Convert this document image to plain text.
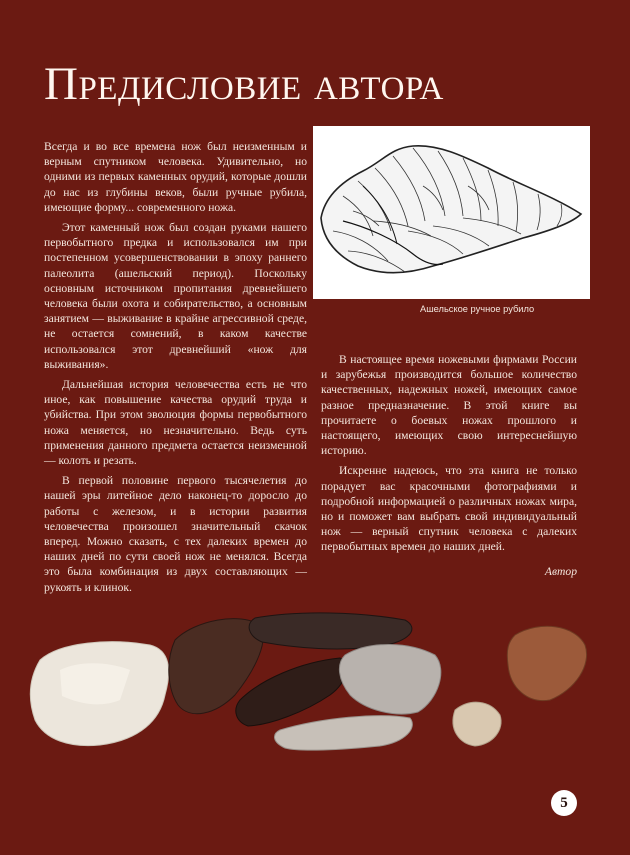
Предисловие автора

Всегда и во все времена нож был неизменным и верным спутником человека. Удивительно, но одними из первых каменных орудий, которые дошли до нас из глубины веков, были ручные рубила, имеющие форму... современного ножа.

Этот каменный нож был создан руками нашего первобытного предка и использовался им при постепенном усовершенствовании в эпоху раннего палеолита (ашельский период). Поскольку основным источником пропитания древнейшего человека были охота и собирательство, а основным занятием — выживание в крайне агрессивной среде, не остается сомнений, в каком качестве использовался этот древнейший «нож для выживания».

Дальнейшая история человечества есть не что иное, как повышение качества орудий труда и убийства. При этом эволюция формы первобытного ножа меняется, но незначительно. Ведь суть применения данного предмета остается неизменной — колоть и резать.

В первой половине первого тысячелетия до нашей эры литейное дело наконец-то доросло до работы с железом, и в истории развития человечества произошел значительный скачок вперед. Можно сказать, с тех далеких времен до наших дней по сути своей нож не менялся. Всегда это была комбинация из двух составляющих — рукоять и клинок.

Ашельское ручное рубило

В настоящее время ножевыми фирмами России и зарубежья производится большое количество качественных, надежных ножей, имеющих самое разное предназначение. В этой книге вы прочитаете о боевых ножах прошлого и настоящего, имеющих свою интереснейшую историю.

Искренне надеюсь, что эта книга не только порадует вас красочными фотографиями и подробной информацией о различных ножах мира, но и поможет вам выбрать свой индивидуальный нож — верный спутник человека с далеких первобытных времен до наших дней.

Автор
5
